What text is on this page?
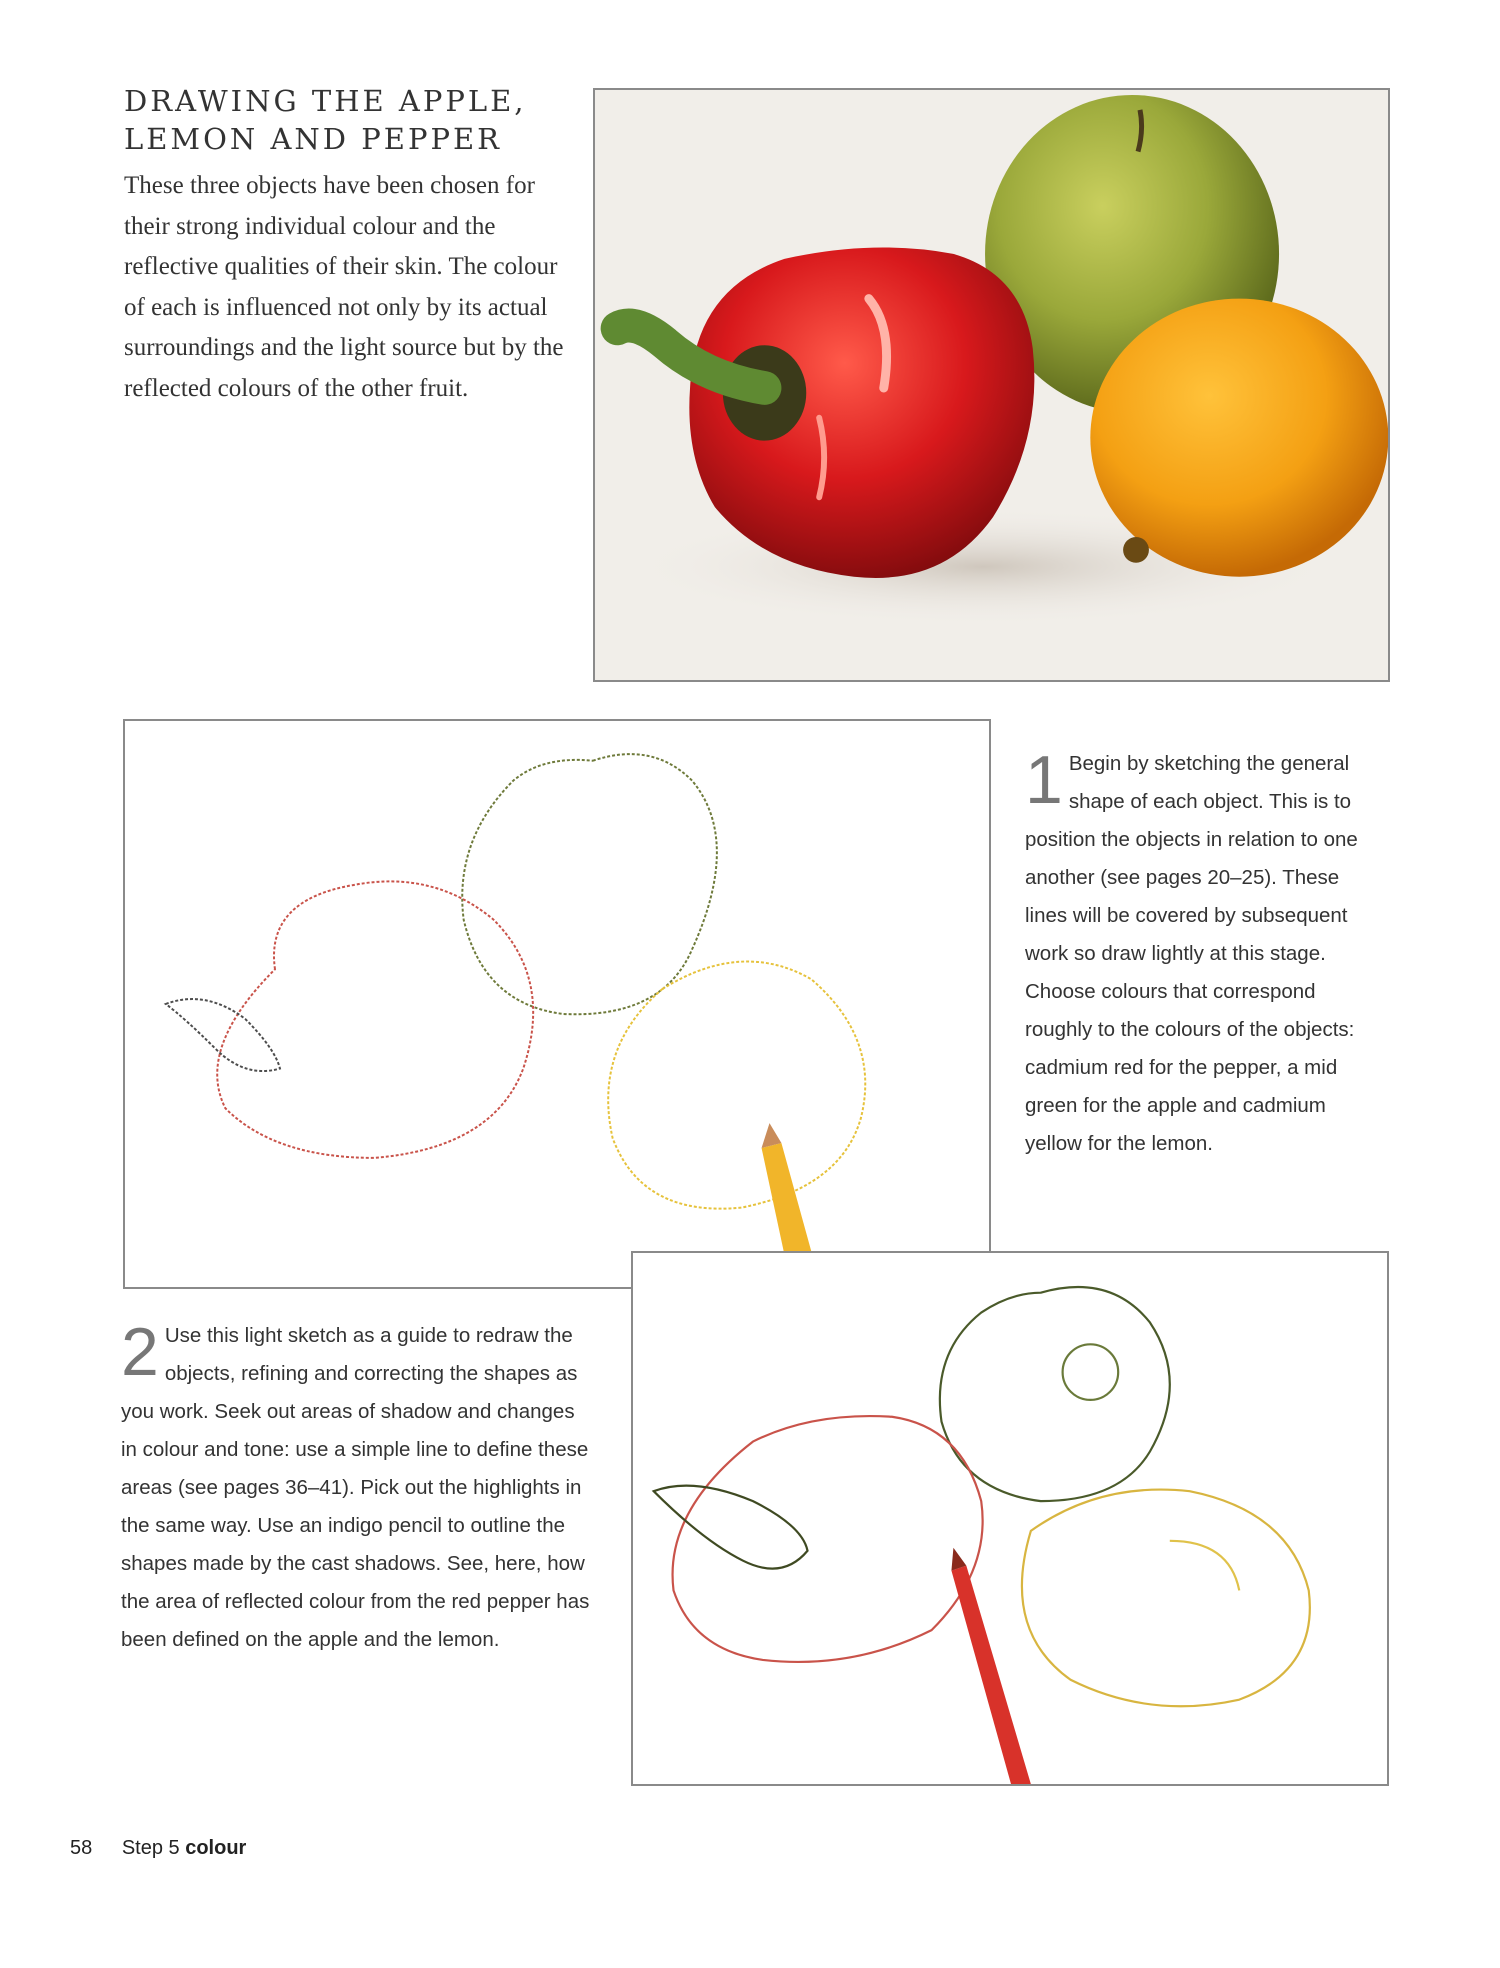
DRAWING THE APPLE,
LEMON AND PEPPER

These three objects have been chosen for their strong individual colour and the reflective qualities of their skin. The colour of each is influenced not only by its actual surroundings and the light source but by the reflected colours of the other fruit.

1 Begin by sketching the general shape of each object. This is to position the objects in relation to one another (see pages 20–25). These lines will be covered by subsequent work so draw lightly at this stage. Choose colours that correspond roughly to the colours of the objects: cadmium red for the pepper, a mid green for the apple and cadmium yellow for the lemon.
2 Use this light sketch as a guide to redraw the objects, refining and correcting the shapes as you work. Seek out areas of shadow and changes in colour and tone: use a simple line to define these areas (see pages 36–41). Pick out the highlights in the same way. Use an indigo pencil to outline the shapes made by the cast shadows. See, here, how the area of reflected colour from the red pepper has been defined on the apple and the lemon.
58 Step 5 colour
